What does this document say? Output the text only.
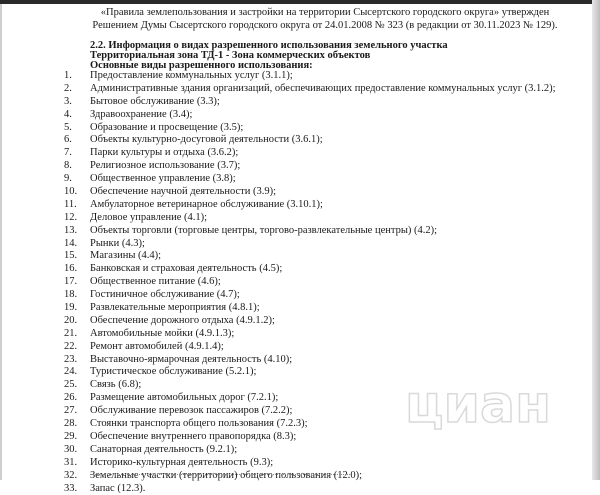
«Правила землепользования и застройки на территории Сысертского городского округа» утвержден
Решением Думы Сысертского городского округа от 24.01.2008 № 323 (в редакции от 30.11.2023 № 129).
2.2. Информация о видах разрешенного использования земельного участка
Территориальная зона ТД-1 - Зона коммерческих объектов
Основные виды разрешенного использования:
1.	Предоставление коммунальных услуг (3.1.1);
2.	Административные здания организаций, обеспечивающих предоставление коммунальных услуг (3.1.2);
3.	Бытовое обслуживание (3.3);
4.	Здравоохранение (3.4);
5.	Образование и просвещение (3.5);
6.	Объекты культурно-досуговой деятельности (3.6.1);
7.	Парки культуры и отдыха (3.6.2);
8.	Религиозное использование (3.7);
9.	Общественное управление (3.8);
10.	Обеспечение научной деятельности (3.9);
11.	Амбулаторное ветеринарное обслуживание (3.10.1);
12.	Деловое управление (4.1);
13.	Объекты торговли (торговые центры, торгово-развлекательные центры) (4.2);
14.	Рынки (4.3);
15.	Магазины (4.4);
16.	Банковская и страховая деятельность (4.5);
17.	Общественное питание (4.6);
18.	Гостиничное обслуживание (4.7);
19.	Развлекательные мероприятия (4.8.1);
20.	Обеспечение дорожного отдыха (4.9.1.2);
21.	Автомобильные мойки (4.9.1.3);
22.	Ремонт автомобилей (4.9.1.4);
23.	Выставочно-ярмарочная деятельность (4.10);
24.	Туристическое обслуживание (5.2.1);
25.	Связь (6.8);
26.	Размещение автомобильных дорог (7.2.1);
27.	Обслуживание перевозок пассажиров (7.2.2);
28.	Стоянки транспорта общего пользования (7.2.3);
29.	Обеспечение внутреннего правопорядка (8.3);
30.	Санаторная деятельность (9.2.1);
31.	Историко-культурная деятельность (9.3);
32.	Земельные участки (территории) общего пользования (12.0);
33.	Запас (12.3).
циан
